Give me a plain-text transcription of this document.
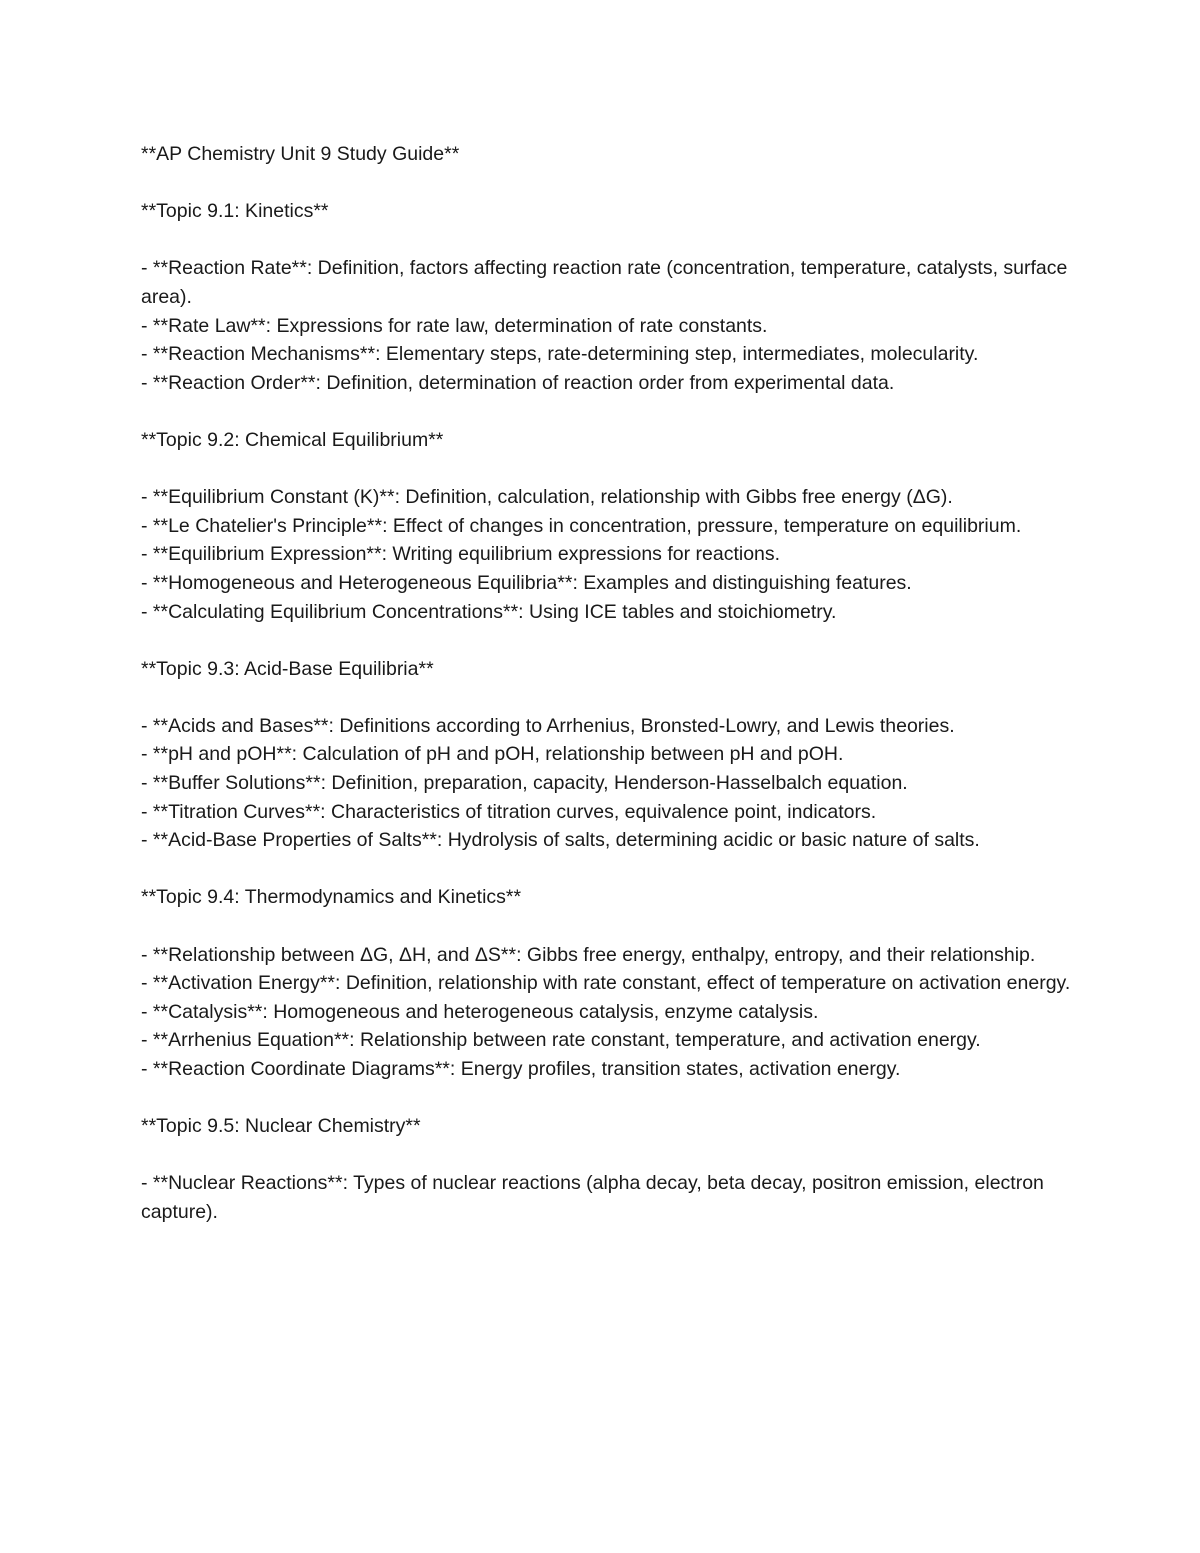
**AP Chemistry Unit 9 Study Guide**

**Topic 9.1: Kinetics**

- **Reaction Rate**: Definition, factors affecting reaction rate (concentration, temperature, catalysts, surface area).

- **Rate Law**: Expressions for rate law, determination of rate constants.

- **Reaction Mechanisms**: Elementary steps, rate-determining step, intermediates, molecularity.

- **Reaction Order**: Definition, determination of reaction order from experimental data.

**Topic 9.2: Chemical Equilibrium**

- **Equilibrium Constant (K)**: Definition, calculation, relationship with Gibbs free energy (ΔG).

- **Le Chatelier's Principle**: Effect of changes in concentration, pressure, temperature on equilibrium.

- **Equilibrium Expression**: Writing equilibrium expressions for reactions.

- **Homogeneous and Heterogeneous Equilibria**: Examples and distinguishing features.

- **Calculating Equilibrium Concentrations**: Using ICE tables and stoichiometry.

**Topic 9.3: Acid-Base Equilibria**

- **Acids and Bases**: Definitions according to Arrhenius, Bronsted-Lowry, and Lewis theories.

- **pH and pOH**: Calculation of pH and pOH, relationship between pH and pOH.

- **Buffer Solutions**: Definition, preparation, capacity, Henderson-Hasselbalch equation.

- **Titration Curves**: Characteristics of titration curves, equivalence point, indicators.

- **Acid-Base Properties of Salts**: Hydrolysis of salts, determining acidic or basic nature of salts.

**Topic 9.4: Thermodynamics and Kinetics**

- **Relationship between ΔG, ΔH, and ΔS**: Gibbs free energy, enthalpy, entropy, and their relationship.

- **Activation Energy**: Definition, relationship with rate constant, effect of temperature on activation energy.

- **Catalysis**: Homogeneous and heterogeneous catalysis, enzyme catalysis.

- **Arrhenius Equation**: Relationship between rate constant, temperature, and activation energy.

- **Reaction Coordinate Diagrams**: Energy profiles, transition states, activation energy.

**Topic 9.5: Nuclear Chemistry**

- **Nuclear Reactions**: Types of nuclear reactions (alpha decay, beta decay, positron emission, electron capture).
